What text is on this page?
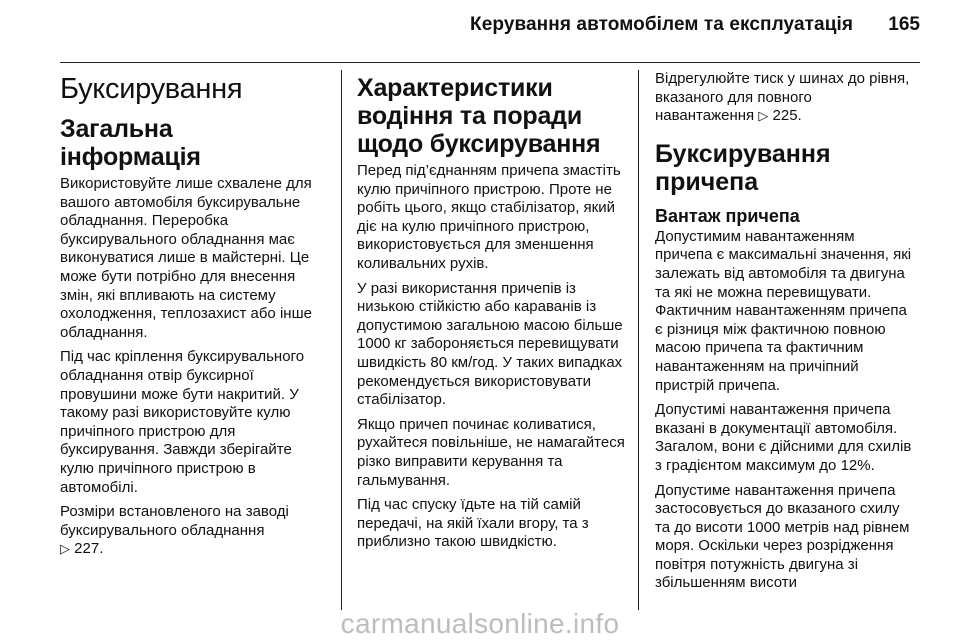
Керування автомобілем та експлуатація 165
Буксирування
Загальна інформація

Використовуйте лише схвалене для вашого автомобіля буксирувальне обладнання. Переробка буксирувального обладнання має виконуватися лише в майстерні. Це може бути потрібно для внесення змін, які впливають на систему охолодження, теплозахист або інше обладнання.

Під час кріплення буксирувального обладнання отвір буксирної провушини може бути накритий. У такому разі використовуйте кулю причіпного пристрою для буксирування. Завжди зберігайте кулю причіпного пристрою в автомобілі.

Розміри встановленого на заводі буксирувального обладнання
▷ 227.

Характеристики водіння та поради щодо буксирування

Перед під’єднанням причепа змастіть кулю причіпного пристрою. Проте не робіть цього, якщо стабілізатор, який діє на кулю причіпного пристрою, використовується для зменшення коливальних рухів.

У разі використання причепів із низькою стійкістю або караванів із допустимою загальною масою більше 1000 кг забороняється перевищувати швидкість 80 км/год. У таких випадках рекомендується використовувати стабілізатор.

Якщо причеп починає коливатися, рухайтеся повільніше, не намагайтеся різко виправити керування та гальмування.

Під час спуску їдьте на тій самій передачі, на якій їхали вгору, та з приблизно такою швидкістю.

Відрегулюйте тиск у шинах до рівня, вказаного для повного навантаження ▷ 225.

Буксирування причепа
Вантаж причепа

Допустимим навантаженням причепа є максимальні значення, які залежать від автомобіля та двигуна та які не можна перевищувати. Фактичним навантаженням причепа є різниця між фактичною повною масою причепа та фактичним навантаженням на причіпний пристрій причепа.

Допустимі навантаження причепа вказані в документації автомобіля. Загалом, вони є дійсними для схилів з градієнтом максимум до 12%.

Допустиме навантаження причепа застосовується до вказаного схилу та до висоти 1000 метрів над рівнем моря. Оскільки через розрідження повітря потужність двигуна зі збільшенням висоти

carmanualsonline.info
